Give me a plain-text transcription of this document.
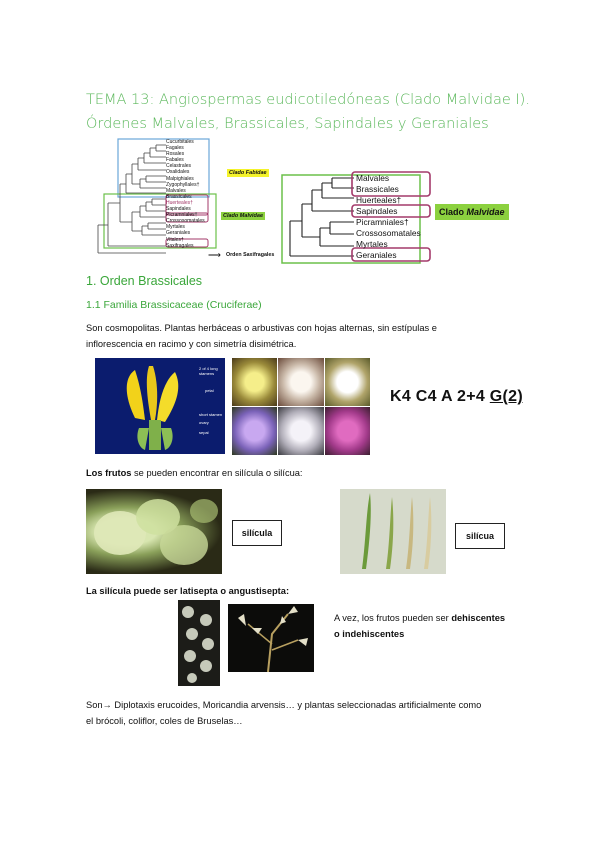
TEMA 13: Angiospermas eudicotiledóneas (Clado Malvidae I).
Órdenes Malvales, Brassicales, Sapindales y Geraniales
Cucurbitales
Fagales
Rosales
Fabales
Celastrales
Oxalidales
Malpighiales
Zygophyllales†
Malvales
Brassicales
Huerteales†
Sapindales
Picramniales†
Crossosomatales
Myrtales
Geraniales
Vitales†
Saxifragales
Clado Fabidae
Clado Malvidae
⟶ Orden Saxifragales
Malvales
Brassicales
Huerteales†
Sapindales
Picramniales†
Crossosomatales
Myrtales
Geraniales
Clado Malvidae
1. Orden Brassicales
1.1 Familia Brassicaceae (Cruciferae)
Son cosmopolitas. Plantas herbáceas o arbustivas con hojas alternas, sin estípulas e
inflorescencia en racimo y con simetría disimétrica.
2 of 4 long stamens
petal
short stamen
ovary
sepal
K4 C4 A 2+4 G(2)
Los frutos se pueden encontrar en silícula o silícua:
silícula	silícua
La silícula puede ser latisepta o angustisepta:
A vez, los frutos pueden ser dehiscentes
o indehiscentes
Son→ Diplotaxis erucoides, Moricandia arvensis… y plantas seleccionadas artificialmente como
el brócoli, coliflor, coles de Bruselas…
